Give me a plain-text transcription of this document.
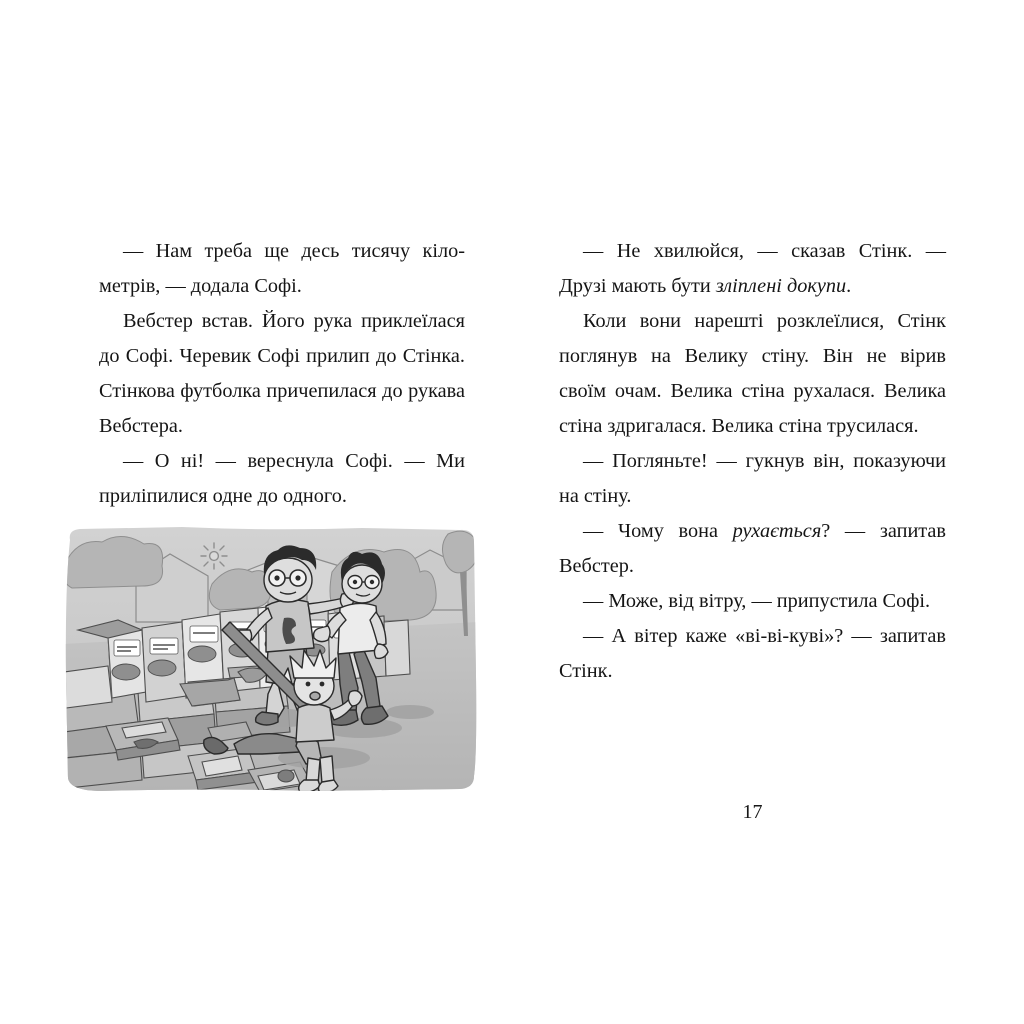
— Нам треба ще десь тисячу кілометрів, — додала Софі.

Вебстер встав. Його рука приклеїлася до Софі. Черевик Софі прилип до Стінка. Стінкова футболка причепилася до рукава Вебстера.

— О ні! — вереснула Софі. — Ми приліпилися одне до одного.

— Не хвилюйся, — сказав Стінк. — Друзі мають бути зліплені докупи.

Коли вони нарешті розклеїлися, Стінк поглянув на Велику стіну. Він не вірив своїм очам. Велика стіна рухалася. Велика стіна здригалася. Велика стіна трусилася.

— Погляньте! — гукнув він, показуючи на стіну.

— Чому вона рухається? — запитав Вебстер.

— Може, від вітру, — припустила Софі.

— А вітер каже «ві-ві-куві»? — запитав Стінк.

17
